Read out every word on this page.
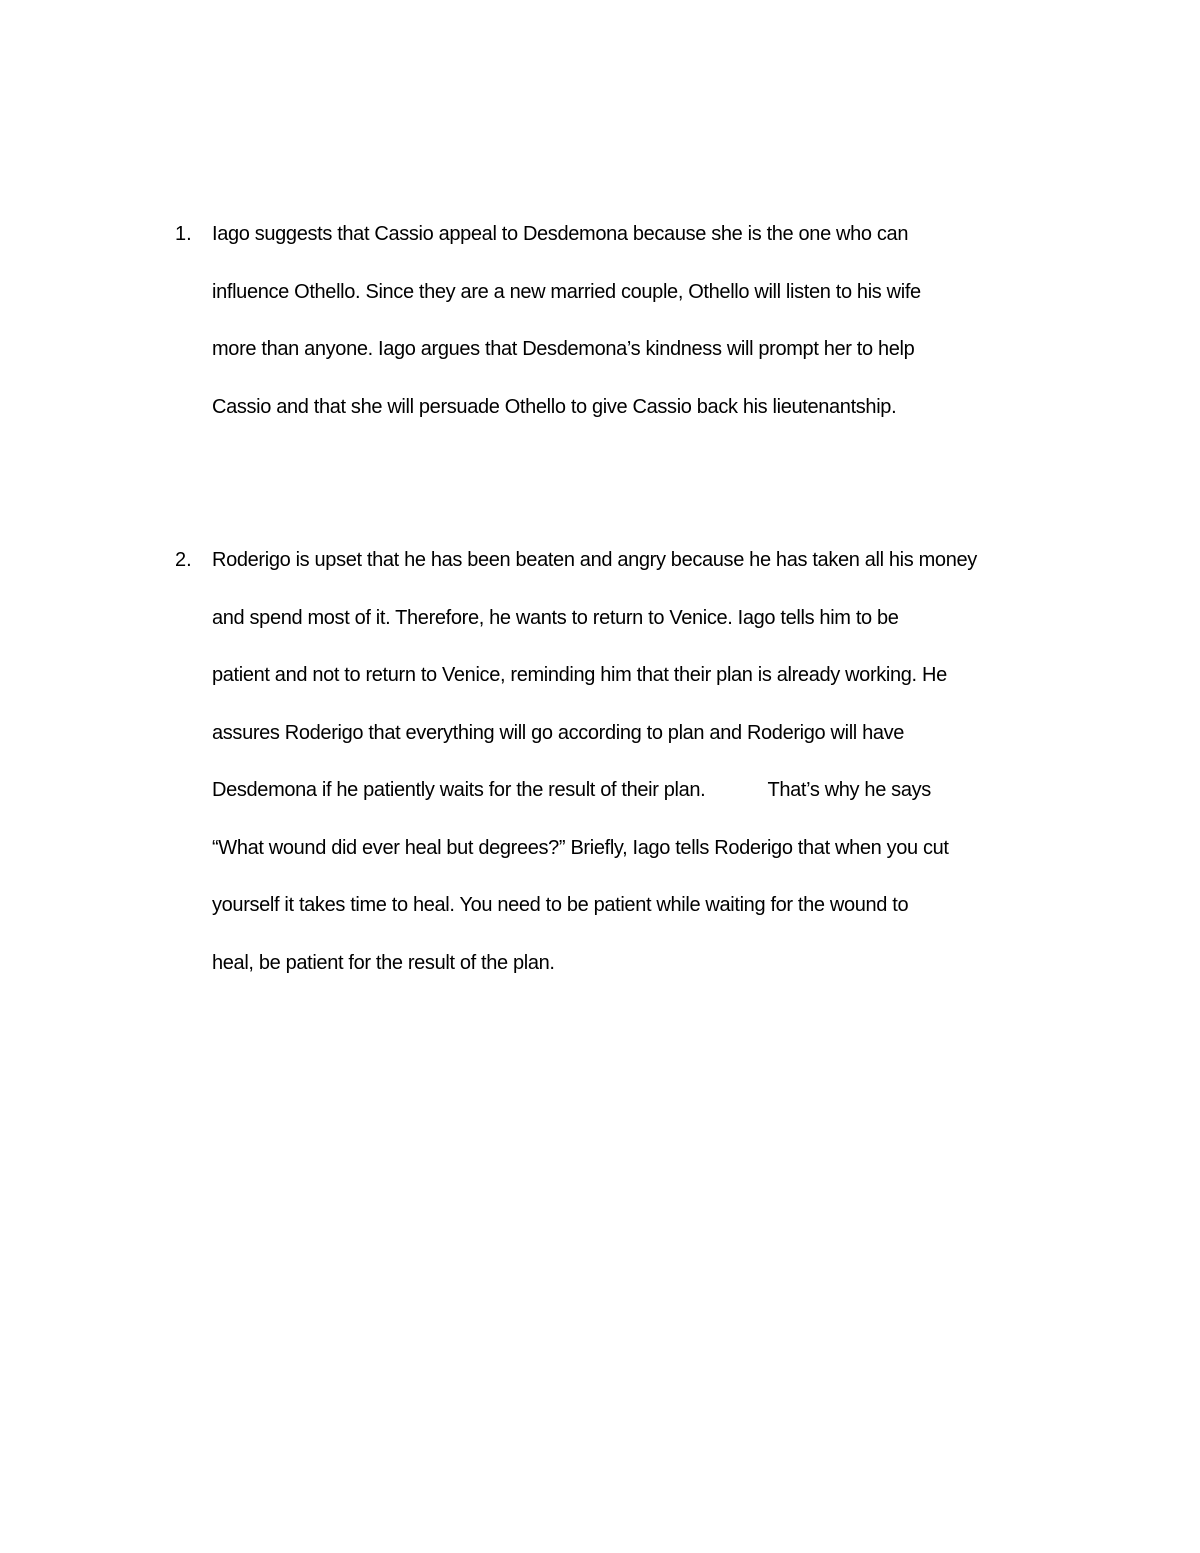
1. Iago suggests that Cassio appeal to Desdemona because she is the one who can
influence Othello. Since they are a new married couple, Othello will listen to his wife
more than anyone. Iago argues that Desdemona’s kindness will prompt her to help
Cassio and that she will persuade Othello to give Cassio back his lieutenantship.
2. Roderigo is upset that he has been beaten and angry because he has taken all his money
and spend most of it. Therefore, he wants to return to Venice. Iago tells him to be
patient and not to return to Venice, reminding him that their plan is already working. He
assures Roderigo that everything will go according to plan and Roderigo will have
Desdemona if he patiently waits for the result of their plan.            That’s why he says
“What wound did ever heal but degrees?” Briefly, Iago tells Roderigo that when you cut
yourself it takes time to heal. You need to be patient while waiting for the wound to
heal, be patient for the result of the plan.
